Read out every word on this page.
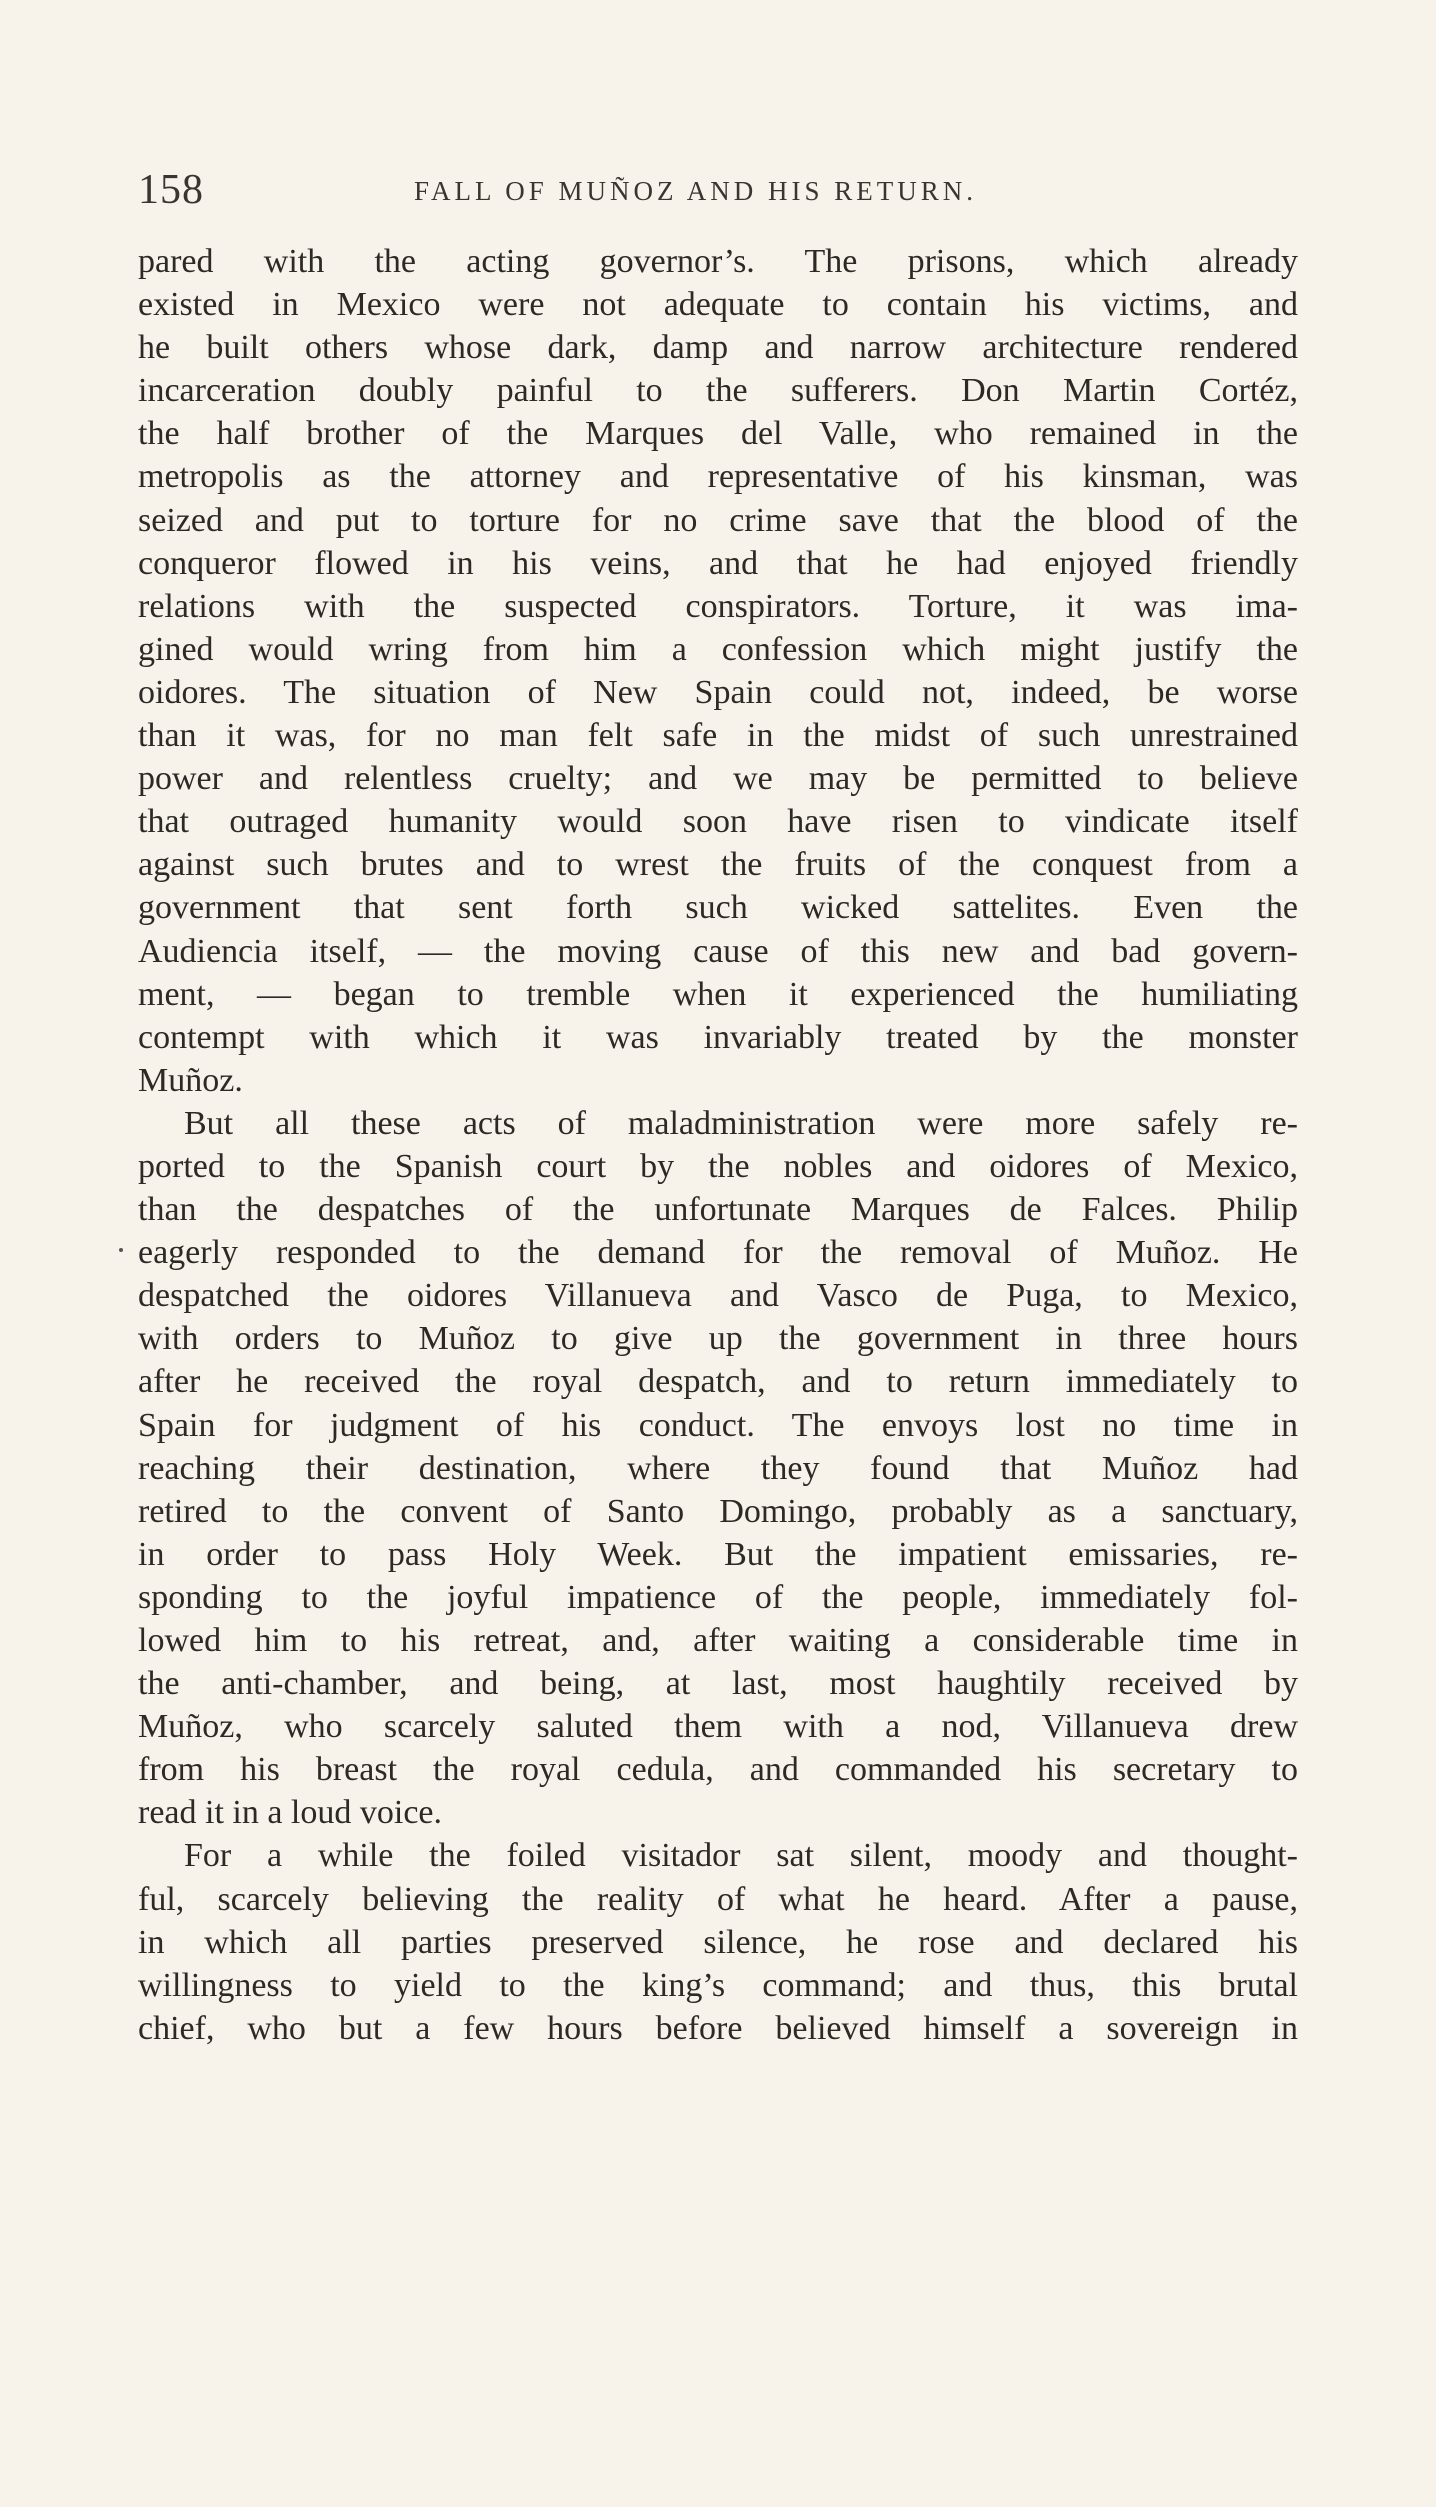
158	FALL OF MUÑOZ AND HIS RETURN.
pared with the acting governor’s. The prisons, which already
existed in Mexico were not adequate to contain his victims, and
he built others whose dark, damp and narrow architecture rendered
incarceration doubly painful to the sufferers. Don Martin Cortéz,
the half brother of the Marques del Valle, who remained in the
metropolis as the attorney and representative of his kinsman, was
seized and put to torture for no crime save that the blood of the
conqueror flowed in his veins, and that he had enjoyed friendly
relations with the suspected conspirators. Torture, it was ima-
gined would wring from him a confession which might justify the
oidores. The situation of New Spain could not, indeed, be worse
than it was, for no man felt safe in the midst of such unrestrained
power and relentless cruelty; and we may be permitted to believe
that outraged humanity would soon have risen to vindicate itself
against such brutes and to wrest the fruits of the conquest from a
government that sent forth such wicked sattelites. Even the
Audiencia itself, — the moving cause of this new and bad govern-
ment, — began to tremble when it experienced the humiliating
contempt with which it was invariably treated by the monster
Muñoz.
But all these acts of maladministration were more safely re-
ported to the Spanish court by the nobles and oidores of Mexico,
than the despatches of the unfortunate Marques de Falces. Philip
eagerly responded to the demand for the removal of Muñoz. He
despatched the oidores Villanueva and Vasco de Puga, to Mexico,
with orders to Muñoz to give up the government in three hours
after he received the royal despatch, and to return immediately to
Spain for judgment of his conduct. The envoys lost no time in
reaching their destination, where they found that Muñoz had
retired to the convent of Santo Domingo, probably as a sanctuary,
in order to pass Holy Week. But the impatient emissaries, re-
sponding to the joyful impatience of the people, immediately fol-
lowed him to his retreat, and, after waiting a considerable time in
the anti-chamber, and being, at last, most haughtily received by
Muñoz, who scarcely saluted them with a nod, Villanueva drew
from his breast the royal cedula, and commanded his secretary to
read it in a loud voice.
For a while the foiled visitador sat silent, moody and thought-
ful, scarcely believing the reality of what he heard. After a pause,
in which all parties preserved silence, he rose and declared his
willingness to yield to the king’s command; and thus, this brutal
chief, who but a few hours before believed himself a sovereign in
